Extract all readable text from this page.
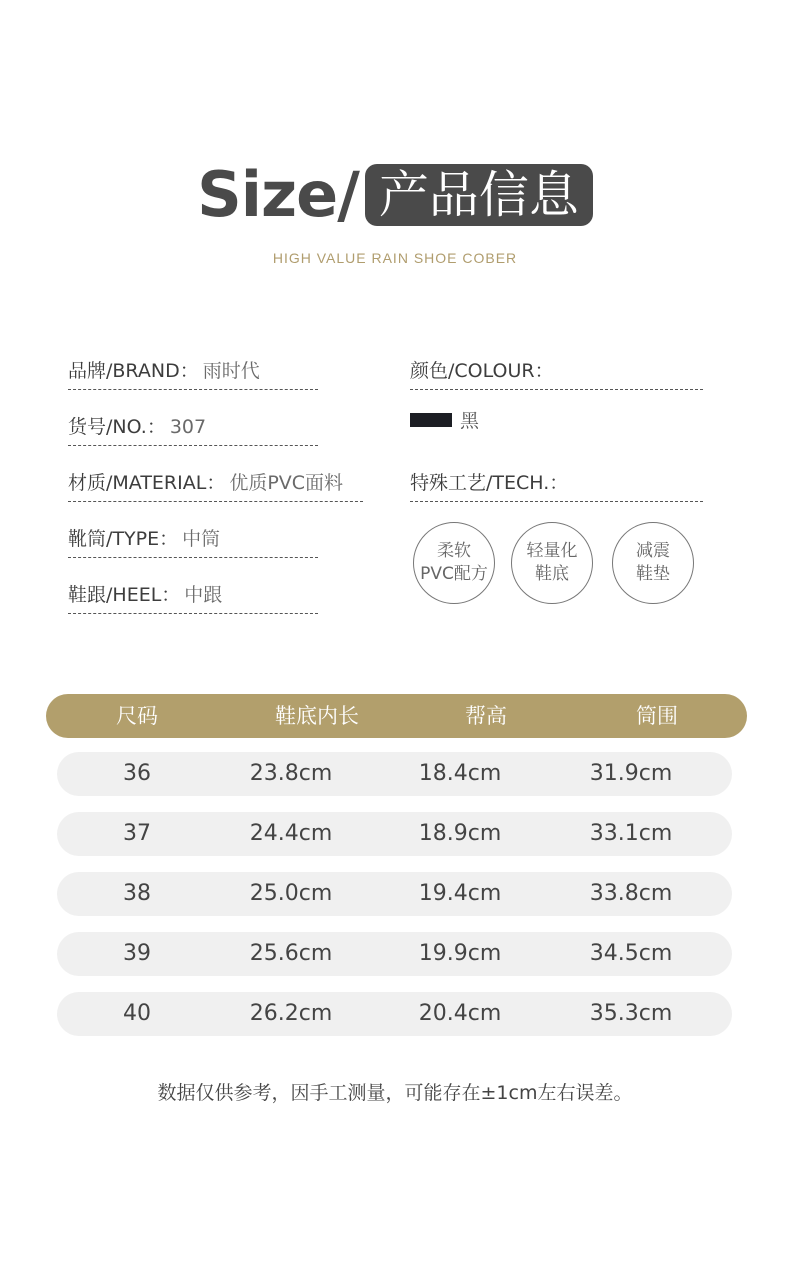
Size/ 产品信息
HIGH VALUE RAIN SHOE COBER
品牌/BRAND： 雨时代
货号/NO.： 307
材质/MATERIAL： 优质PVC面料
靴筒/TYPE： 中筒
鞋跟/HEEL： 中跟
颜色/COLOUR：
黑
特殊工艺/TECH.：
柔软
PVC配方
轻量化
鞋底
减震
鞋垫
尺码	鞋底内长	帮高	筒围
36	23.8cm	18.4cm	31.9cm
37	24.4cm	18.9cm	33.1cm
38	25.0cm	19.4cm	33.8cm
39	25.6cm	19.9cm	34.5cm
40	26.2cm	20.4cm	35.3cm
数据仅供参考，因手工测量，可能存在±1cm左右误差。
